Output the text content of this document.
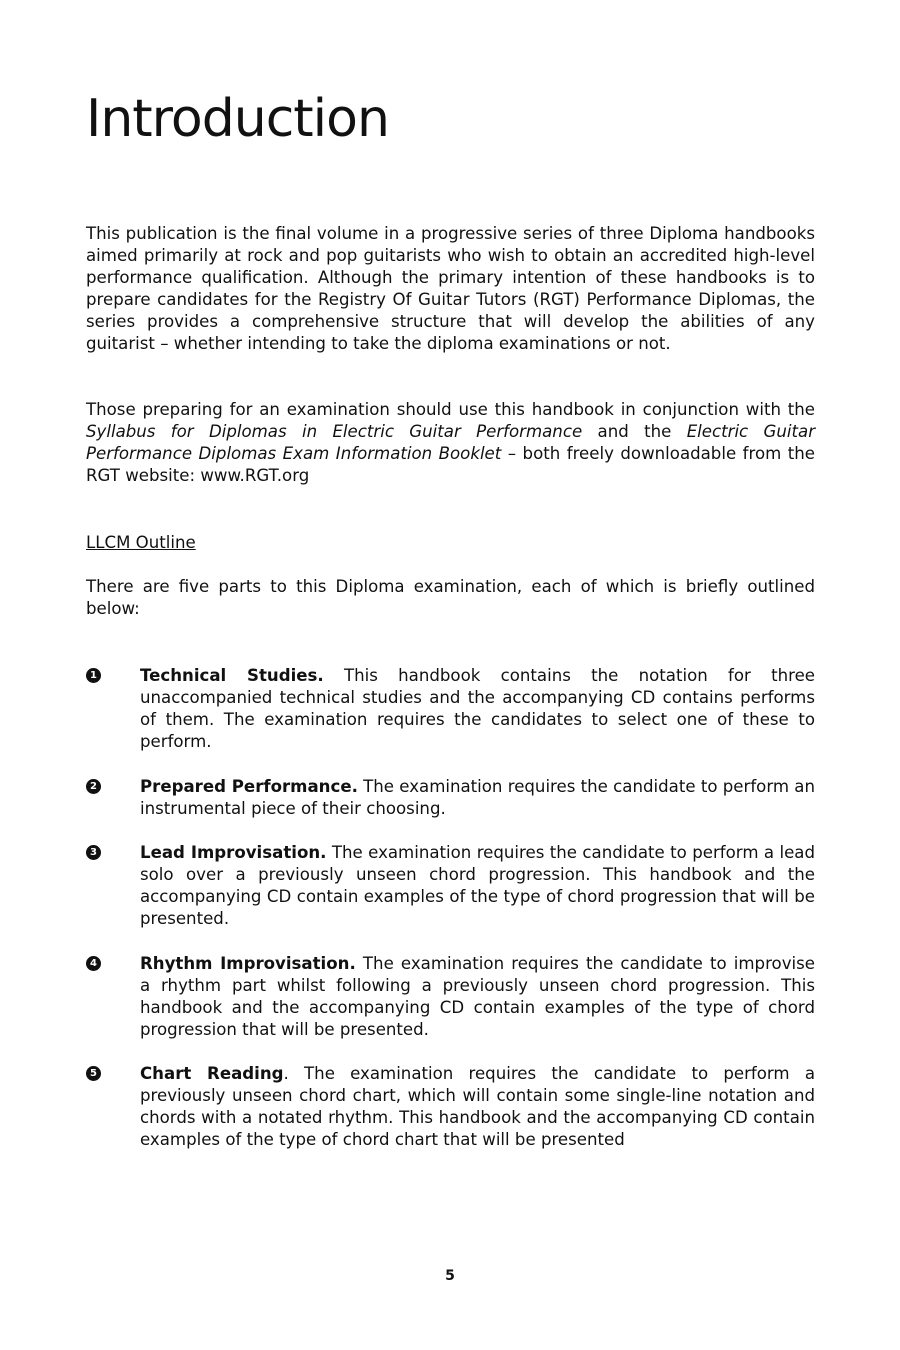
Introduction

This publication is the final volume in a progressive series of three Diploma handbooks aimed primarily at rock and pop guitarists who wish to obtain an accredited high-level performance qualification. Although the primary intention of these handbooks is to prepare candidates for the Registry Of Guitar Tutors (RGT) Performance Diplomas, the series provides a comprehensive structure that will develop the abilities of any guitarist – whether intending to take the diploma examinations or not.

Those preparing for an examination should use this handbook in conjunction with the Syllabus for Diplomas in Electric Guitar Performance and the Electric Guitar Performance Diplomas Exam Information Booklet – both freely downloadable from the RGT website: www.RGT.org

LLCM Outline

There are five parts to this Diploma examination, each of which is briefly outlined below:

1	Technical Studies. This handbook contains the notation for three unaccompanied technical studies and the accompanying CD contains performs of them. The examination requires the candidates to select one of these to perform.

2	Prepared Performance. The examination requires the candidate to perform an instrumental piece of their choosing.

3	Lead Improvisation. The examination requires the candidate to perform a lead solo over a previously unseen chord progression. This handbook and the accompanying CD contain examples of the type of chord progression that will be presented.

4	Rhythm Improvisation. The examination requires the candidate to improvise a rhythm part whilst following a previously unseen chord progression. This handbook and the accompanying CD contain examples of the type of chord progression that will be presented.

5	Chart Reading. The examination requires the candidate to perform a previously unseen chord chart, which will contain some single-line notation and chords with a notated rhythm. This handbook and the accompanying CD contain examples of the type of chord chart that will be presented

5
